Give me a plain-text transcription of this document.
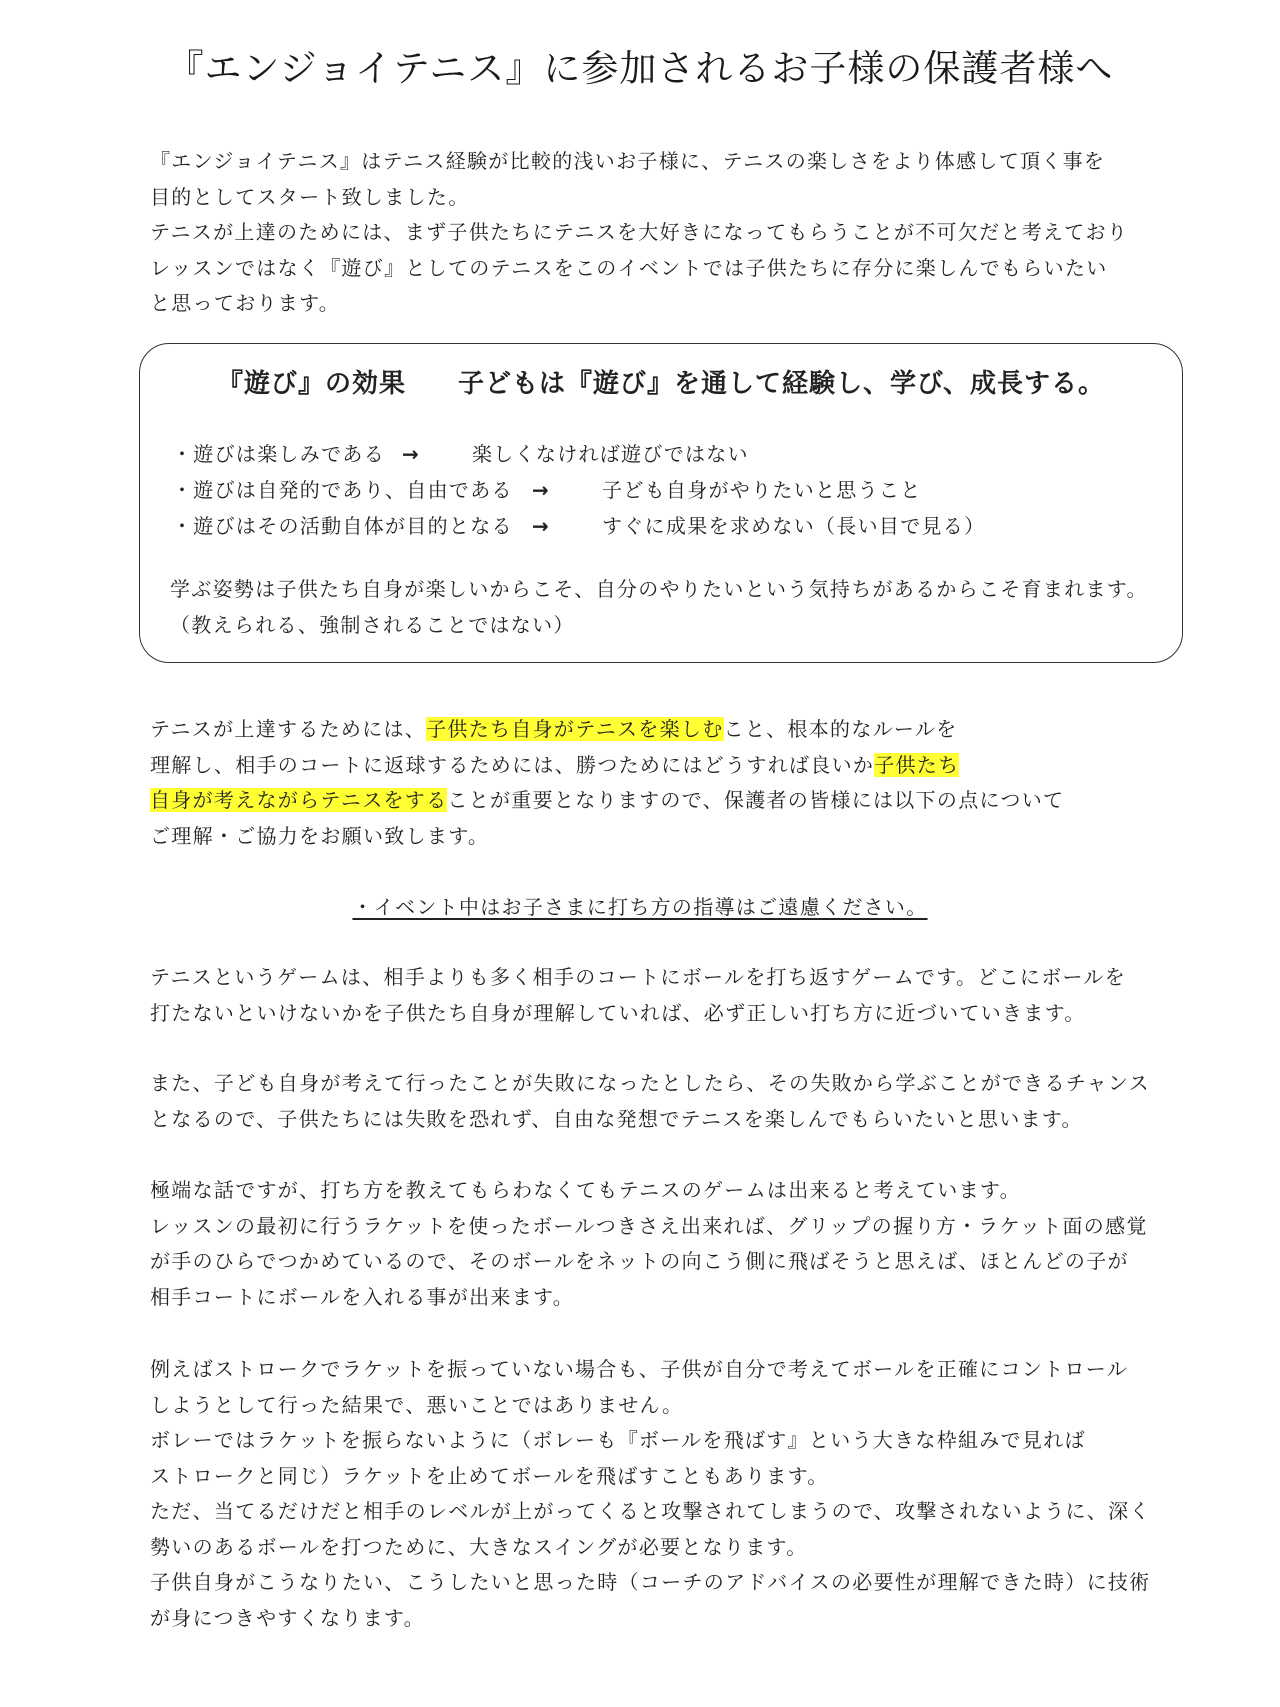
『エンジョイテニス』に参加されるお子様の保護者様へ
『エンジョイテニス』はテニス経験が比較的浅いお子様に、テニスの楽しさをより体感して頂く事を
目的としてスタート致しました。
テニスが上達のためには、まず子供たちにテニスを大好きになってもらうことが不可欠だと考えており
レッスンではなく『遊び』としてのテニスをこのイベントでは子供たちに存分に楽しんでもらいたい
と思っております。
『遊び』の効果 子どもは『遊び』を通して経験し、学び、成長する。
・遊びは楽しみである →	楽しくなければ遊びではない
・遊びは自発的であり、自由である →	子ども自身がやりたいと思うこと
・遊びはその活動自体が目的となる →	すぐに成果を求めない（長い目で見る）
学ぶ姿勢は子供たち自身が楽しいからこそ、自分のやりたいという気持ちがあるからこそ育まれます。
（教えられる、強制されることではない）
テニスが上達するためには、子供たち自身がテニスを楽しむこと、根本的なルールを
理解し、相手のコートに返球するためには、勝つためにはどうすれば良いか子供たち
自身が考えながらテニスをすることが重要となりますので、保護者の皆様には以下の点について
ご理解・ご協力をお願い致します。
・イベント中はお子さまに打ち方の指導はご遠慮ください。
テニスというゲームは、相手よりも多く相手のコートにボールを打ち返すゲームです。どこにボールを
打たないといけないかを子供たち自身が理解していれば、必ず正しい打ち方に近づいていきます。
また、子ども自身が考えて行ったことが失敗になったとしたら、その失敗から学ぶことができるチャンス
となるので、子供たちには失敗を恐れず、自由な発想でテニスを楽しんでもらいたいと思います。
極端な話ですが、打ち方を教えてもらわなくてもテニスのゲームは出来ると考えています。
レッスンの最初に行うラケットを使ったボールつきさえ出来れば、グリップの握り方・ラケット面の感覚
が手のひらでつかめているので、そのボールをネットの向こう側に飛ばそうと思えば、ほとんどの子が
相手コートにボールを入れる事が出来ます。
例えばストロークでラケットを振っていない場合も、子供が自分で考えてボールを正確にコントロール
しようとして行った結果で、悪いことではありません。
ボレーではラケットを振らないように（ボレーも『ボールを飛ばす』という大きな枠組みで見れば
ストロークと同じ）ラケットを止めてボールを飛ばすこともあります。
ただ、当てるだけだと相手のレベルが上がってくると攻撃されてしまうので、攻撃されないように、深く
勢いのあるボールを打つために、大きなスイングが必要となります。
子供自身がこうなりたい、こうしたいと思った時（コーチのアドバイスの必要性が理解できた時）に技術
が身につきやすくなります。
